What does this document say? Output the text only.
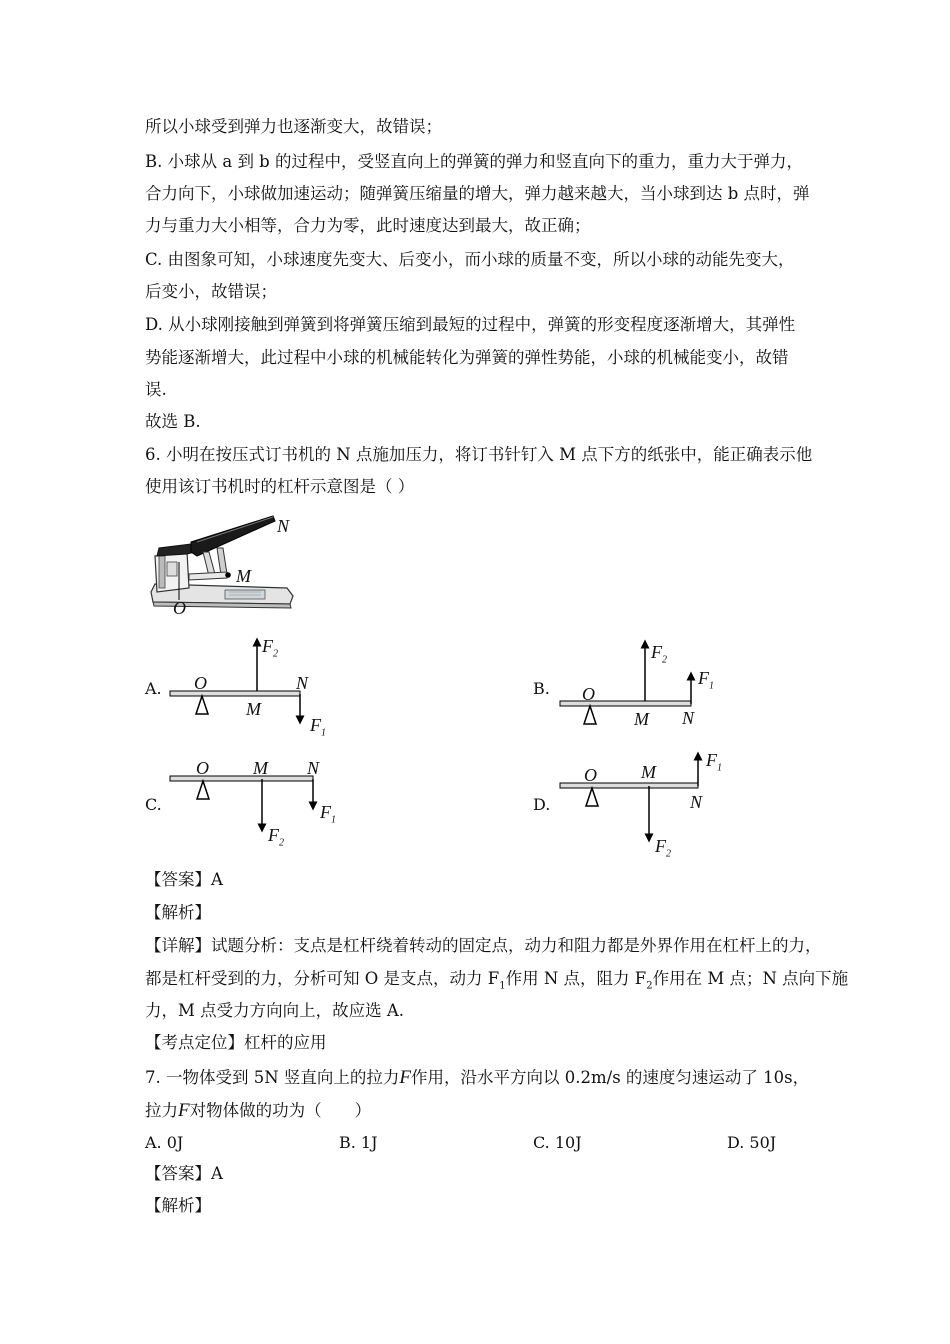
所以小球受到弹力也逐渐变大，故错误；
B. 小球从 a 到 b 的过程中，受竖直向上的弹簧的弹力和竖直向下的重力，重力大于弹力，
合力向下，小球做加速运动；随弹簧压缩量的增大，弹力越来越大，当小球到达 b 点时，弹
力与重力大小相等，合力为零，此时速度达到最大，故正确；
C. 由图象可知，小球速度先变大、后变小，而小球的质量不变，所以小球的动能先变大，
后变小，故错误；
D. 从小球刚接触到弹簧到将弹簧压缩到最短的过程中，弹簧的形变程度逐渐增大，其弹性
势能逐渐增大，此过程中小球的机械能转化为弹簧的弹性势能，小球的机械能变小，故错
误.
故选 B.
6. 小明在按压式订书机的 N 点施加压力，将订书针钉入 M 点下方的纸张中，能正确表示他
使用该订书机时的杠杆示意图是（ ）
N
M
O
A. O
M
N
$F_2$
$F_1$
B. O
M N
$F_2$
$F_1$
C.
O M N
$F_2$
$F_1$
D.
O M
N
$F_2$
$F_1$
【答案】A
【解析】
【详解】试题分析：支点是杠杆绕着转动的固定点，动力和阻力都是外界作用在杠杆上的力，
都是杠杆受到的力，分析可知 O 是支点，动力 $F_1$作用 N 点，阻力 $F_2$作用在 M 点；N 点向下施
力，M 点受力方向向上，故应选 A.
【考点定位】杠杆的应用
7. 一物体受到 5N 竖直向上的拉力F作用，沿水平方向以 0.2m/s 的速度匀速运动了 10s，
拉力F对物体做的功为（　　）
A. 0J	B. 1J	C. 10J	D. 50J
【答案】A
【解析】
